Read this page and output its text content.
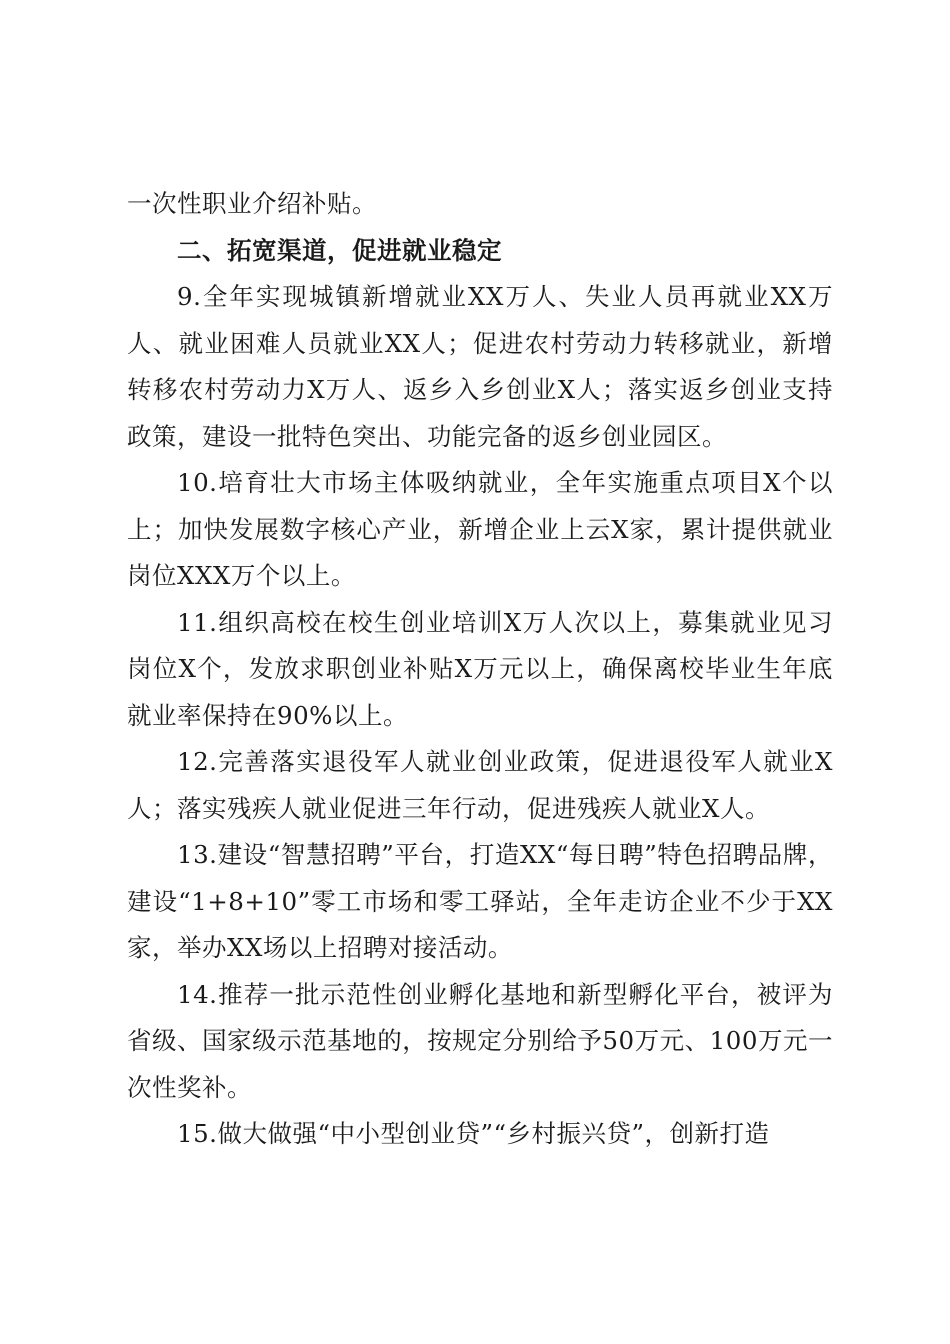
一次性职业介绍补贴。

二、拓宽渠道，促进就业稳定

9.全年实现城镇新增就业XX万人、失业人员再就业XX万人、就业困难人员就业XX人；促进农村劳动力转移就业，新增转移农村劳动力X万人、返乡入乡创业X人；落实返乡创业支持政策，建设一批特色突出、功能完备的返乡创业园区。

10.培育壮大市场主体吸纳就业，全年实施重点项目X个以上；加快发展数字核心产业，新增企业上云X家，累计提供就业岗位XXX万个以上。

11.组织高校在校生创业培训X万人次以上，募集就业见习岗位X个，发放求职创业补贴X万元以上，确保离校毕业生年底就业率保持在90%以上。

12.完善落实退役军人就业创业政策，促进退役军人就业X人；落实残疾人就业促进三年行动，促进残疾人就业X人。

13.建设“智慧招聘”平台，打造XX“每日聘”特色招聘品牌，建设“1+8+10”零工市场和零工驿站，全年走访企业不少于XX家，举办XX场以上招聘对接活动。

14.推荐一批示范性创业孵化基地和新型孵化平台，被评为省级、国家级示范基地的，按规定分别给予50万元、100万元一次性奖补。

15.做大做强“中小型创业贷”“乡村振兴贷”，创新打造
